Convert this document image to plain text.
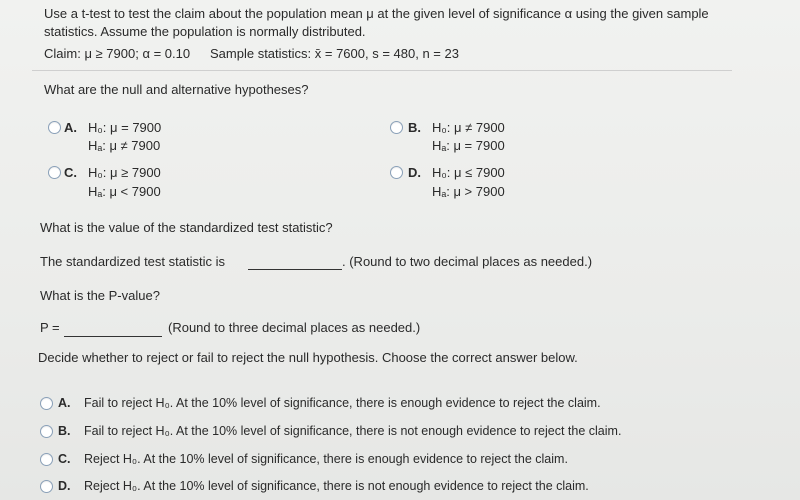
Use a t-test to test the claim about the population mean μ at the given level of significance α using the given sample
statistics. Assume the population is normally distributed.
Claim: μ ≥ 7900; α = 0.10 Sample statistics: x̄ = 7600, s = 480, n = 23
What are the null and alternative hypotheses?
A. H₀: μ = 7900
Hₐ: μ ≠ 7900
B. H₀: μ ≠ 7900
Hₐ: μ = 7900
C. H₀: μ ≥ 7900
Hₐ: μ < 7900
D. H₀: μ ≤ 7900
Hₐ: μ > 7900
What is the value of the standardized test statistic?
The standardized test statistic is	. (Round to two decimal places as needed.)
What is the P-value?
P =	(Round to three decimal places as needed.)
Decide whether to reject or fail to reject the null hypothesis. Choose the correct answer below.
A. Fail to reject H₀. At the 10% level of significance, there is enough evidence to reject the claim.
B. Fail to reject H₀. At the 10% level of significance, there is not enough evidence to reject the claim.
C. Reject H₀. At the 10% level of significance, there is enough evidence to reject the claim.
D. Reject H₀. At the 10% level of significance, there is not enough evidence to reject the claim.
